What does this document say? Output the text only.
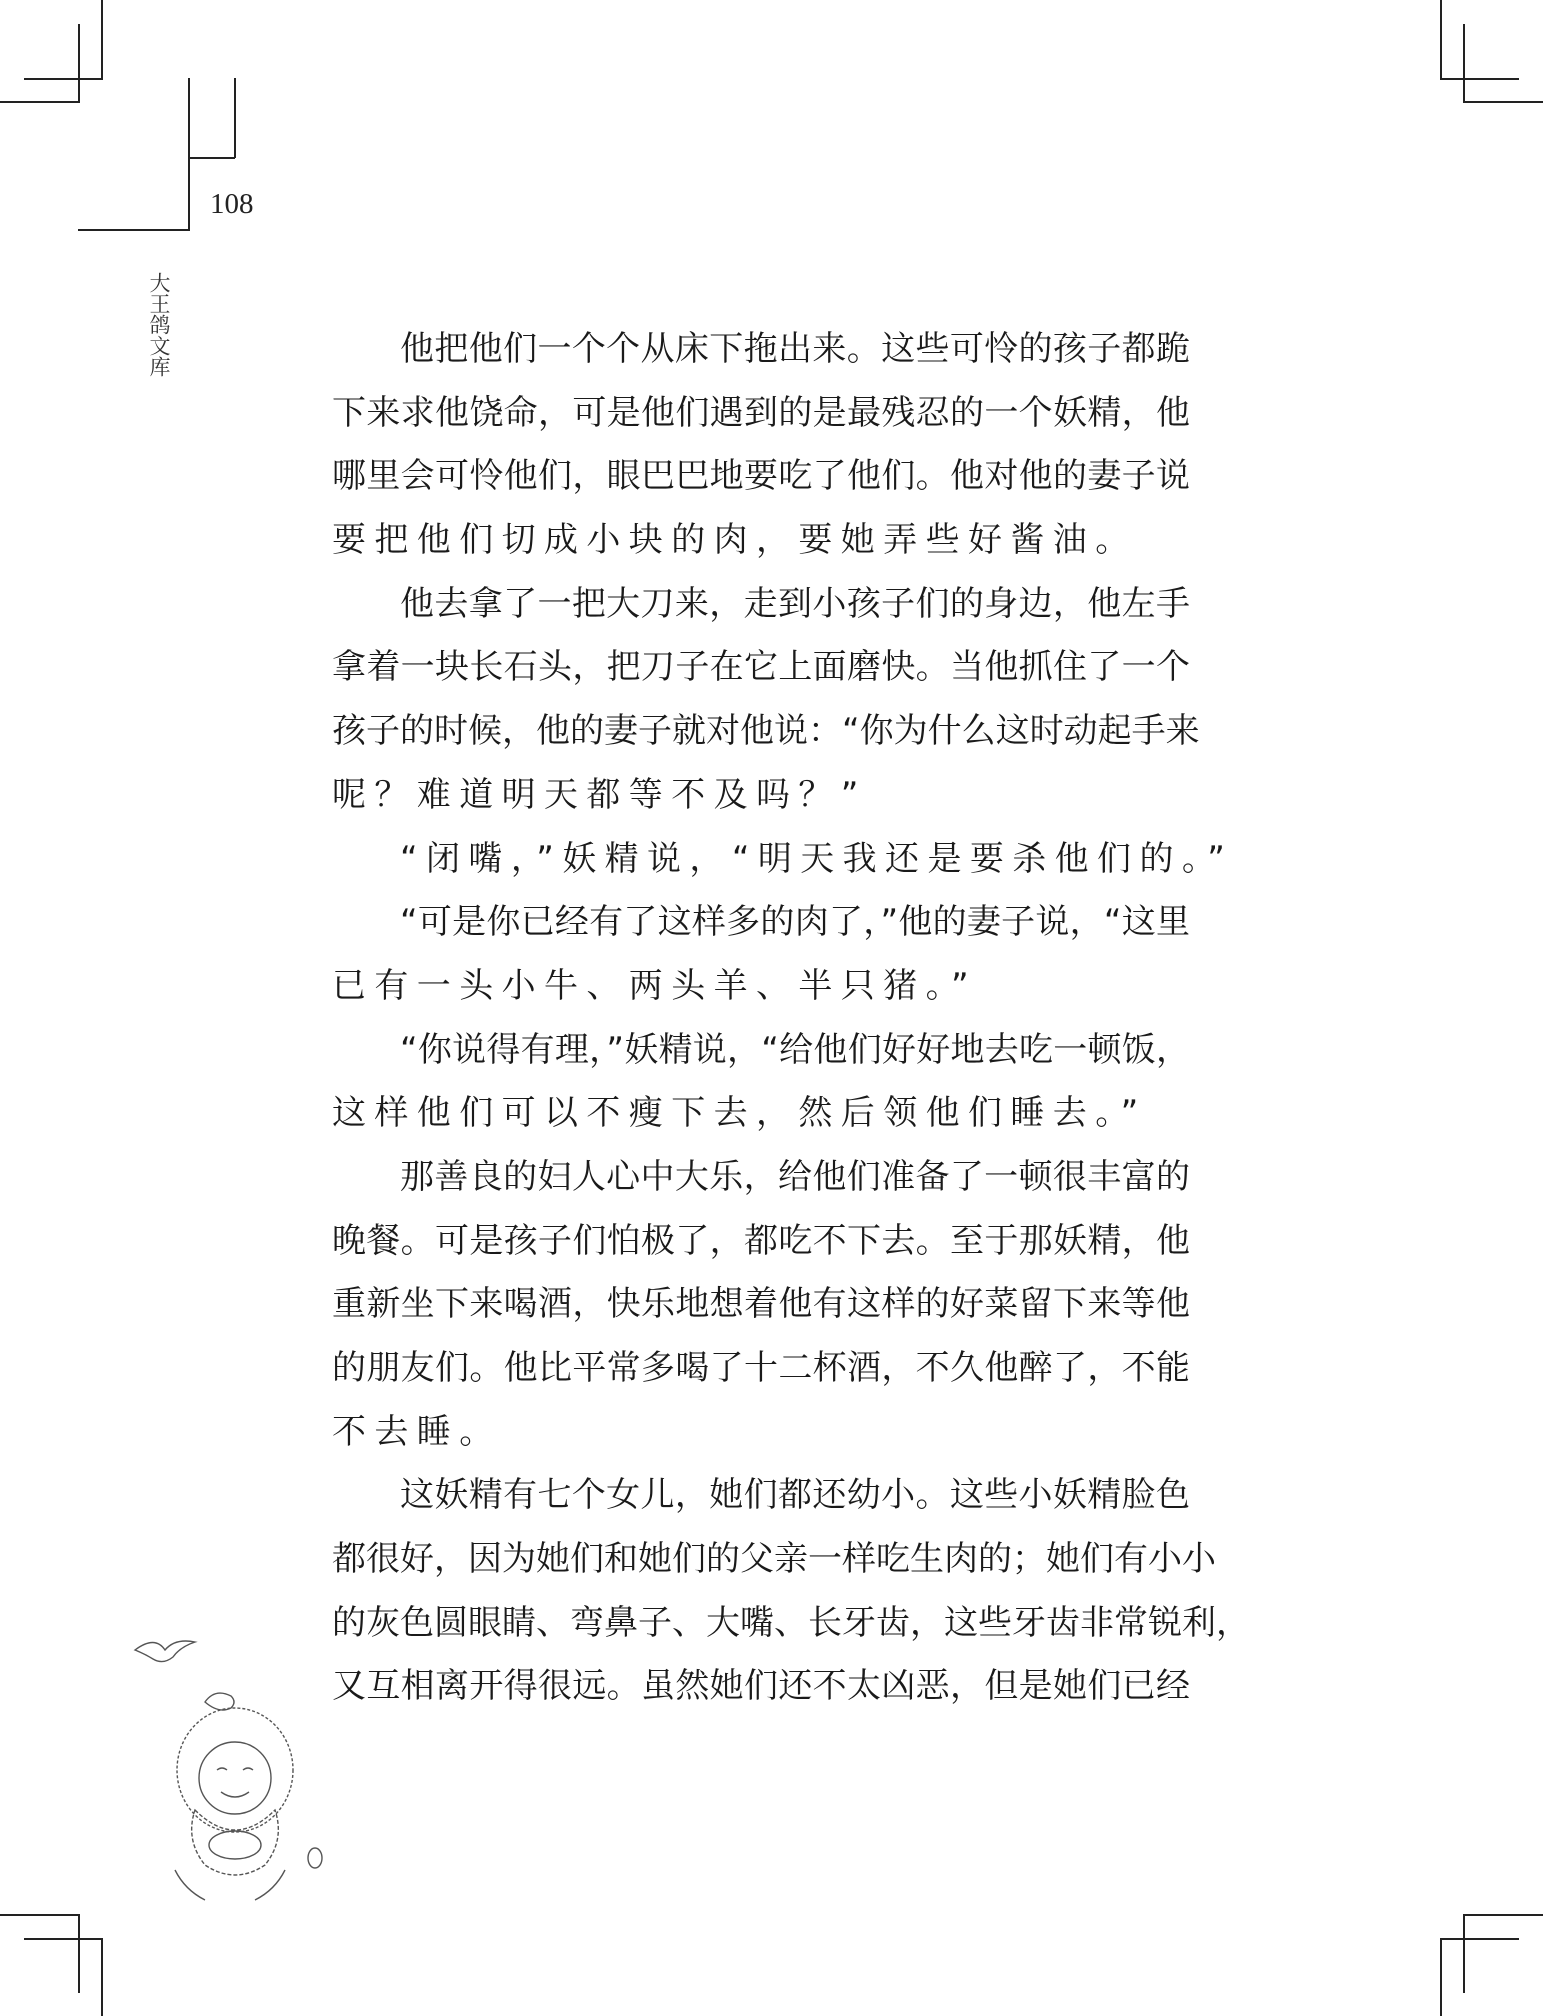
108
大王鸽文库	他把他们一个个从床下拖出来。这些可怜的孩子都跪
下来求他饶命，可是他们遇到的是最残忍的一个妖精，他
哪里会可怜他们，眼巴巴地要吃了他们。他对他的妻子说
要把他们切成小块的肉，要她弄些好酱油。
他去拿了一把大刀来，走到小孩子们的身边，他左手
拿着一块长石头，把刀子在它上面磨快。当他抓住了一个
孩子的时候，他的妻子就对他说：“你为什么这时动起手来
呢？难道明天都等不及吗？”
“闭嘴，”妖精说，“明天我还是要杀他们的。”
“可是你已经有了这样多的肉了，”他的妻子说，“这里
已有一头小牛、两头羊、半只猪。”
“你说得有理，”妖精说，“给他们好好地去吃一顿饭，
这样他们可以不瘦下去，然后领他们睡去。”
那善良的妇人心中大乐，给他们准备了一顿很丰富的
晚餐。可是孩子们怕极了，都吃不下去。至于那妖精，他
重新坐下来喝酒，快乐地想着他有这样的好菜留下来等他
的朋友们。他比平常多喝了十二杯酒，不久他醉了，不能
不去睡。
这妖精有七个女儿，她们都还幼小。这些小妖精脸色
都很好，因为她们和她们的父亲一样吃生肉的；她们有小小
的灰色圆眼睛、弯鼻子、大嘴、长牙齿，这些牙齿非常锐利，
又互相离开得很远。虽然她们还不太凶恶，但是她们已经
